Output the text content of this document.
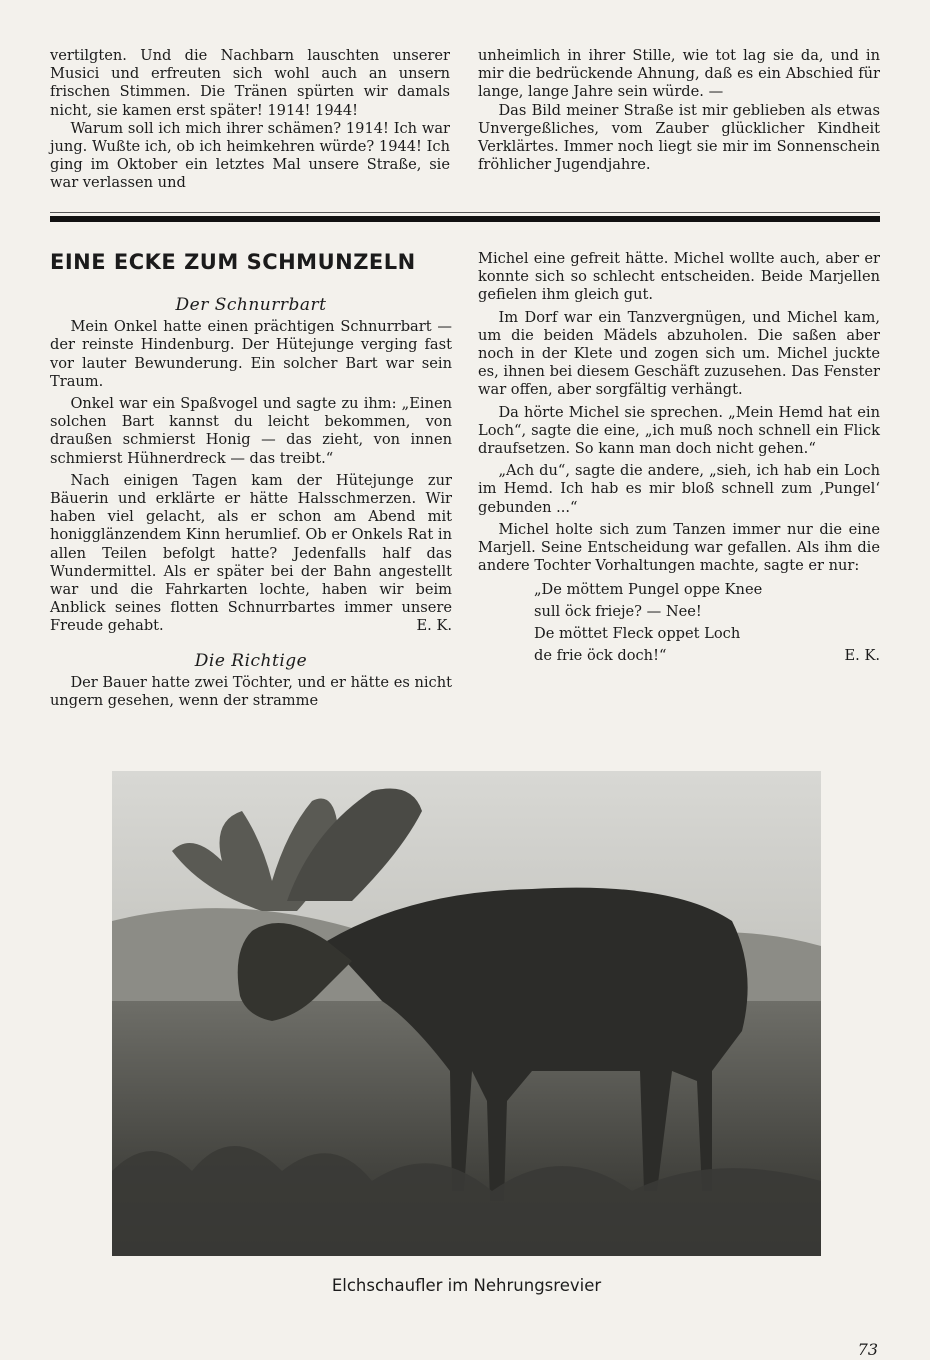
vertilgten. Und die Nachbarn lauschten unserer Musici und erfreuten sich wohl auch an unsern frischen Stimmen. Die Tränen spürten wir damals nicht, sie kamen erst später! 1914! 1944!

Warum soll ich mich ihrer schämen? 1914! Ich war jung. Wußte ich, ob ich heimkehren würde? 1944! Ich ging im Oktober ein letztes Mal unsere Straße, sie war verlassen und

unheimlich in ihrer Stille, wie tot lag sie da, und in mir die bedrückende Ahnung, daß es ein Abschied für lange, lange Jahre sein würde. —

Das Bild meiner Straße ist mir geblieben als etwas Unvergeßliches, vom Zauber glücklicher Kindheit Verklärtes. Immer noch liegt sie mir im Sonnenschein fröhlicher Jugendjahre.

EINE ECKE ZUM SCHMUNZELN
Der Schnurrbart

Mein Onkel hatte einen prächtigen Schnurrbart — der reinste Hindenburg. Der Hütejunge verging fast vor lauter Bewunderung. Ein solcher Bart war sein Traum.

Onkel war ein Spaßvogel und sagte zu ihm: „Einen solchen Bart kannst du leicht bekommen, von draußen schmierst Honig — das zieht, von innen schmierst Hühnerdreck — das treibt.“

Nach einigen Tagen kam der Hütejunge zur Bäuerin und erklärte er hätte Halsschmerzen. Wir haben viel gelacht, als er schon am Abend mit honigglänzendem Kinn herumlief. Ob er Onkels Rat in allen Teilen befolgt hatte? Jedenfalls half das Wundermittel. Als er später bei der Bahn angestellt war und die Fahrkarten lochte, haben wir beim Anblick seines flotten Schnurrbartes immer unsere Freude gehabt.	E. K.

Die Richtige

Der Bauer hatte zwei Töchter, und er hätte es nicht ungern gesehen, wenn der stramme

Michel eine gefreit hätte. Michel wollte auch, aber er konnte sich so schlecht entscheiden. Beide Marjellen gefielen ihm gleich gut.

Im Dorf war ein Tanzvergnügen, und Michel kam, um die beiden Mädels abzuholen. Die saßen aber noch in der Klete und zogen sich um. Michel juckte es, ihnen bei diesem Geschäft zuzusehen. Das Fenster war offen, aber sorgfältig verhängt.

Da hörte Michel sie sprechen. „Mein Hemd hat ein Loch“, sagte die eine, „ich muß noch schnell ein Flick draufsetzen. So kann man doch nicht gehen.“

„Ach du“, sagte die andere, „sieh, ich hab ein Loch im Hemd. Ich hab es mir bloß schnell zum ‚Pungel‘ gebunden ...“

Michel holte sich zum Tanzen immer nur die eine Marjell. Seine Entscheidung war gefallen. Als ihm die andere Tochter Vorhaltungen machte, sagte er nur:

„De möttem Pungel oppe Knee
sull öck frieje? — Nee!
De möttet Fleck oppet Loch
de frie öck doch!“	E. K.
Elchschaufler im Nehrungsrevier
73
